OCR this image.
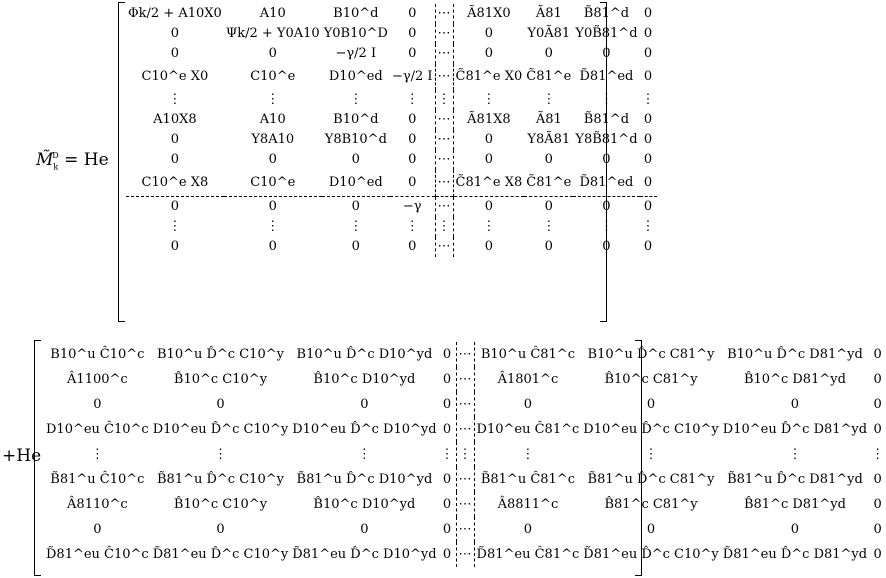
$M̃_k^D = He$
Φk/2 + A10X0	A10	B10^d	0	⋯	Ã81X0	Ã81	B̃81^d	0
0	Ψk/2 + Y0A10	Y0B10^D	0	⋯	0	Y0Ã81	Y0B̃81^d	0
0	0	−γ/2 I	0	⋯	0	0	0	0
C10^e X0	C10^e	D10^ed	−γ/2 I	⋯	C̃81^e X0	C̃81^e	D̃81^ed	0
⋮	⋮	⋮	⋮	⋮	⋮	⋮	⋮	⋮
A10X8	A10	B10^d	0	⋯	Ã81X8	Ã81	B̃81^d	0
0	Y8A10	Y8B10^d	0	⋯	0	Y8Ã81	Y8B̃81^d	0
0	0	0	0	⋯	0	0	0	0
C10^e X8	C10^e	D10^ed	0	⋯	C̃81^e X8	C̃81^e	D̃81^ed	0
0	0	0	−γ	⋯	0	0	0	0
⋮	⋮	⋮	⋮	⋮	⋮	⋮	⋮	⋮
0	0	0	0	⋯	0	0	0	0
+He
B10^u Ĉ10^c	B10^u D̂^c C10^y	B10^u D̂^c D10^yd	0	⋯	B10^u Ĉ81^c	B10^u D̂^c C81^y	B10^u D̂^c D81^yd	0
Â1100^c	B̂10^c C10^y	B̂10^c D10^yd	0	⋯	Â1801^c	B̂10^c C81^y	B̂10^c D81^yd	0
0	0	0	0	⋯	0	0	0	0
D10^eu Ĉ10^c	D10^eu D̂^c C10^y	D10^eu D̂^c D10^yd	0	⋯	D10^eu Ĉ81^c	D10^eu D̂^c C10^y	D10^eu D̂^c D81^yd	0
⋮	⋮	⋮	⋮	⋮	⋮	⋮	⋮	⋮
B̃81^u Ĉ10^c	B̃81^u D̂^c C10^y	B̃81^u D̂^c D10^yd	0	⋯	B̃81^u Ĉ81^c	B̃81^u D̂^c C81^y	B̃81^u D̂^c D81^yd	0
Â8110^c	B̂10^c C10^y	B̂10^c D10^yd	0	⋯	Â8811^c	B̂81^c C81^y	B̂81^c D81^yd	0
0	0	0	0	⋯	0	0	0	0
D̃81^eu Ĉ10^c	D̃81^eu D̂^c C10^y	D̃81^eu D̂^c D10^yd	0	⋯	D̃81^eu Ĉ81^c	D̃81^eu D̂^c C10^y	D̃81^eu D̂^c D81^yd	0
